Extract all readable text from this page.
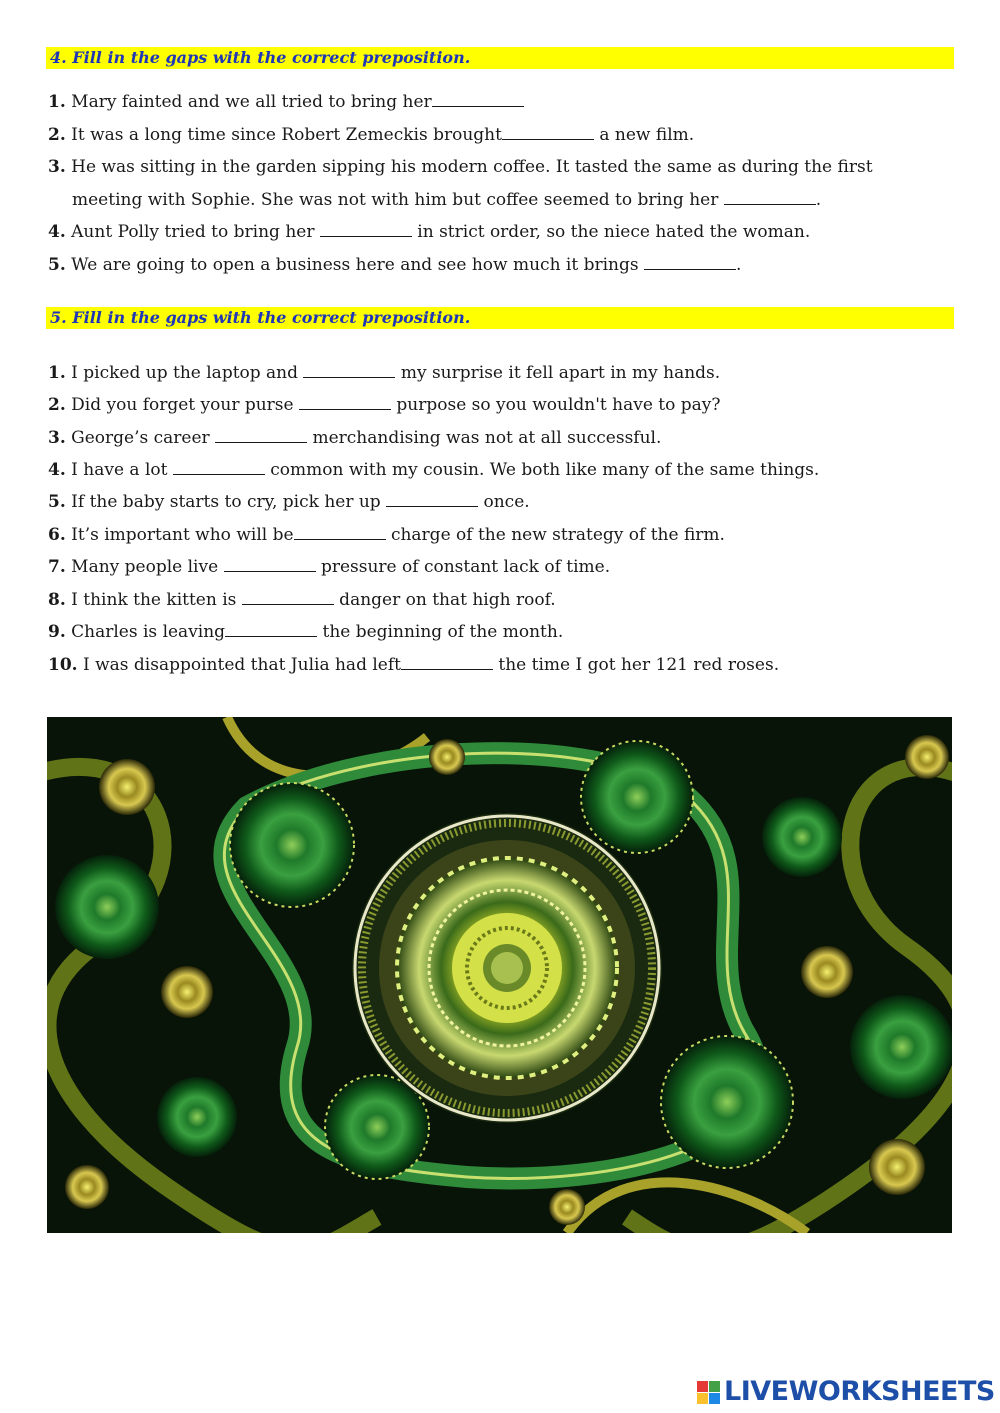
4. Fill in the gaps with the correct preposition.
1. Mary fainted and we all tried to bring her
2. It was a long time since Robert Zemeckis brought	a new film.
3. He was sitting in the garden sipping his modern coffee. It tasted the same as during the first
meeting with Sophie. She was not with him but coffee seemed to bring her	.
4. Aunt Polly tried to bring her	in strict order, so the niece hated the woman.
5. We are going to open a business here and see how much it brings	.
5. Fill in the gaps with the correct preposition.
1. I picked up the laptop and	my surprise it fell apart in my hands.
2. Did you forget your purse	purpose so you wouldn't have to pay?
3. George’s career	merchandising was not at all successful.
4. I have a lot	common with my cousin. We both like many of the same things.
5. If the baby starts to cry, pick her up	once.
6. It’s important who will be	charge of the new strategy of the firm.
7. Many people live	pressure of constant lack of time.
8. I think the kitten is	danger on that high roof.
9. Charles is leaving	the beginning of the month.
10. I was disappointed that Julia had left	the time I got her 121 red roses.
LIVEWORKSHEETS
